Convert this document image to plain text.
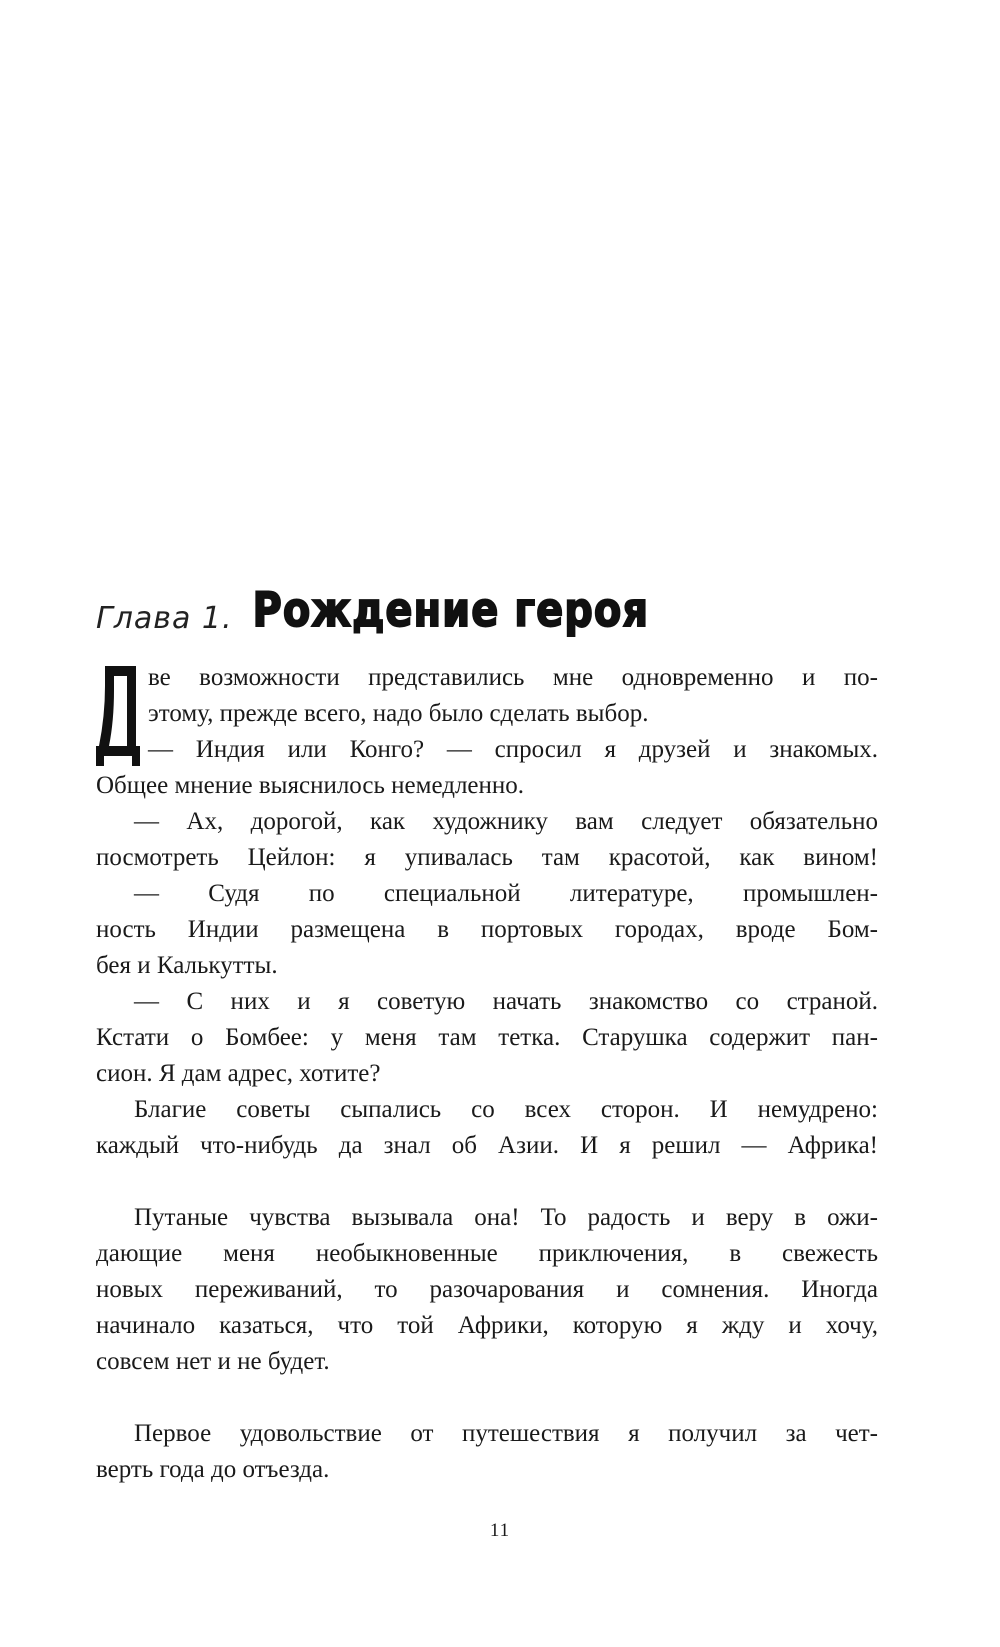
Глава 1. Рождение героя
ве возможности представились мне одновременно и по-
этому, прежде всего, надо было сделать выбор.
— Индия или Конго? — спросил я друзей и знакомых.
Общее мнение выяснилось немедленно.
— Ах, дорогой, как художнику вам следует обязательно
посмотреть Цейлон: я упивалась там красотой, как вином!
— Судя по специальной литературе, промышлен-
ность Индии размещена в портовых городах, вроде Бом-
бея и Калькутты.
— С них и я советую начать знакомство со страной.
Кстати о Бомбее: у меня там тетка. Старушка содержит пан-
сион. Я дам адрес, хотите?
Благие советы сыпались со всех сторон. И немудрено:
каждый что-нибудь да знал об Азии. И я решил — Африка!
Путаные чувства вызывала она! То радость и веру в ожи-
дающие меня необыкновенные приключения, в свежесть
новых переживаний, то разочарования и сомнения. Иногда
начинало казаться, что той Африки, которую я жду и хочу,
совсем нет и не будет.
Первое удовольствие от путешествия я получил за чет-
верть года до отъезда.
11
